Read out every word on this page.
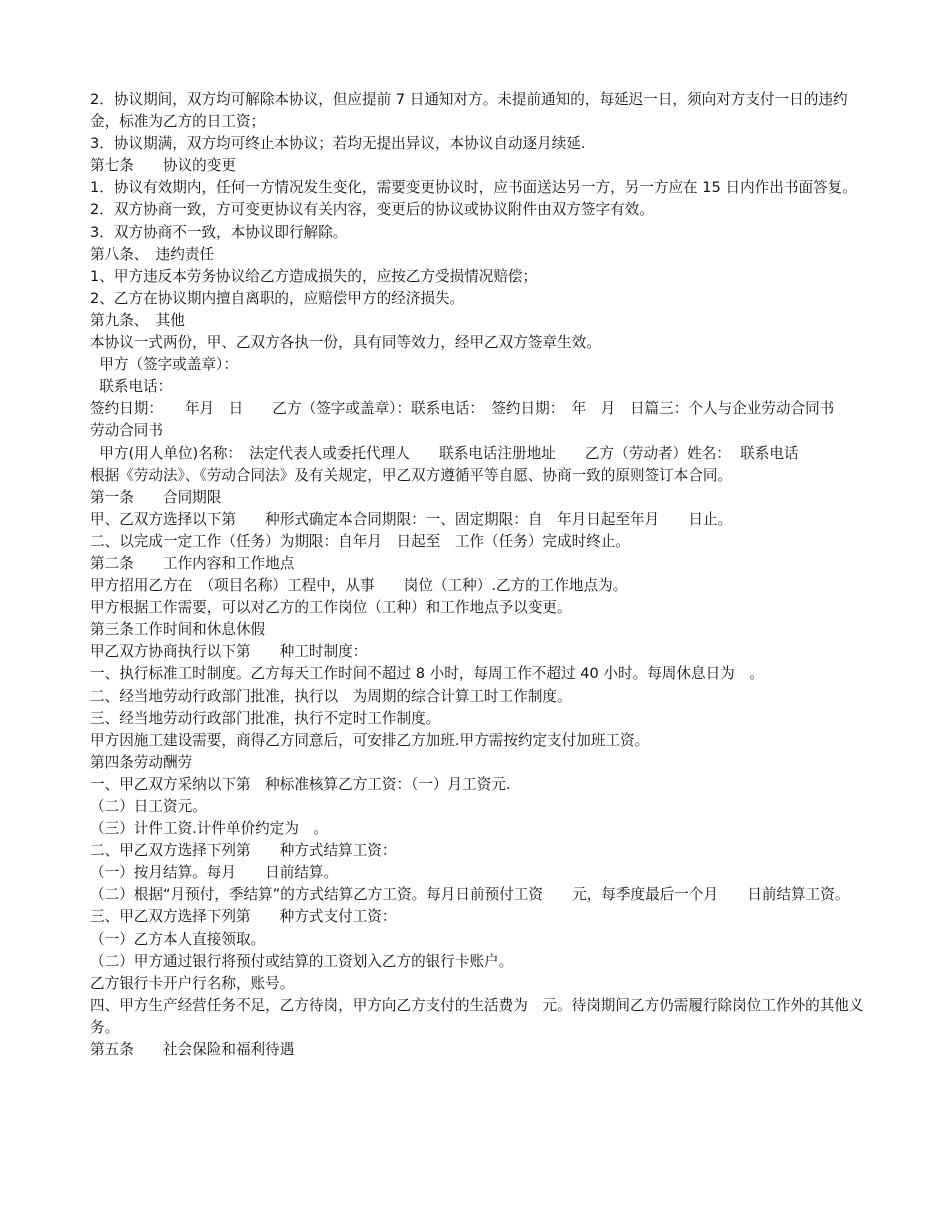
2．协议期间，双方均可解除本协议，但应提前 7 日通知对方。未提前通知的，每延迟一日，须向对方支付一日的违约金，标准为乙方的日工资；

3．协议期满，双方均可终止本协议；若均无提出异议，本协议自动逐月续延.

第七条　　协议的变更

1．协议有效期内，任何一方情况发生变化，需要变更协议时，应书面送达另一方，另一方应在 15 日内作出书面答复。

2．双方协商一致，方可变更协议有关内容，变更后的协议或协议附件由双方签字有效。

3．双方协商不一致，本协议即行解除。

第八条、　违约责任

1、甲方违反本劳务协议给乙方造成损失的，应按乙方受损情况赔偿；

2、乙方在协议期内擅自离职的，应赔偿甲方的经济损失。

第九条、　其他

本协议一式两份，甲、乙双方各执一份，具有同等效力，经甲乙双方签章生效。

甲方（签字或盖章）：

联系电话：

签约日期：　　年月　日　　乙方（签字或盖章）：联系电话：　签约日期：　年　月　日篇三：个人与企业劳动合同书

劳动合同书

甲方(用人单位)名称：　法定代表人或委托代理人　　联系电话注册地址　　乙方（劳动者）姓名：  联系电话

根据《劳动法》、《劳动合同法》及有关规定，甲乙双方遵循平等自愿、协商一致的原则签订本合同。

第一条　　合同期限

甲、乙双方选择以下第　　种形式确定本合同期限：一、固定期限：自　年月日起至年月　　日止。

二、以完成一定工作（任务）为期限：自年月　日起至　工作（任务）完成时终止。

第二条　　工作内容和工作地点

甲方招用乙方在　（项目名称）工程中，从事　　岗位（工种）.乙方的工作地点为。

甲方根据工作需要，可以对乙方的工作岗位（工种）和工作地点予以变更。

第三条工作时间和休息休假

甲乙双方协商执行以下第　　种工时制度：

一、执行标准工时制度。乙方每天工作时间不超过 8 小时，每周工作不超过 40 小时。每周休息日为　。

二、经当地劳动行政部门批准，执行以　为周期的综合计算工时工作制度。

三、经当地劳动行政部门批准，执行不定时工作制度。

甲方因施工建设需要，商得乙方同意后，可安排乙方加班.甲方需按约定支付加班工资。

第四条劳动酬劳

一、甲乙双方采纳以下第　种标准核算乙方工资：（一）月工资元.

（二）日工资元。

（三）计件工资.计件单价约定为　。

二、甲乙双方选择下列第　　种方式结算工资：

（一）按月结算。每月　　日前结算。

（二）根据“月预付，季结算”的方式结算乙方工资。每月日前预付工资　　元，每季度最后一个月　　日前结算工资。

三、甲乙双方选择下列第　　种方式支付工资：

（一）乙方本人直接领取。

（二）甲方通过银行将预付或结算的工资划入乙方的银行卡账户。

乙方银行卡开户行名称，账号。

四、甲方生产经营任务不足，乙方待岗，甲方向乙方支付的生活费为　元。待岗期间乙方仍需履行除岗位工作外的其他义务。

第五条　　社会保险和福利待遇
